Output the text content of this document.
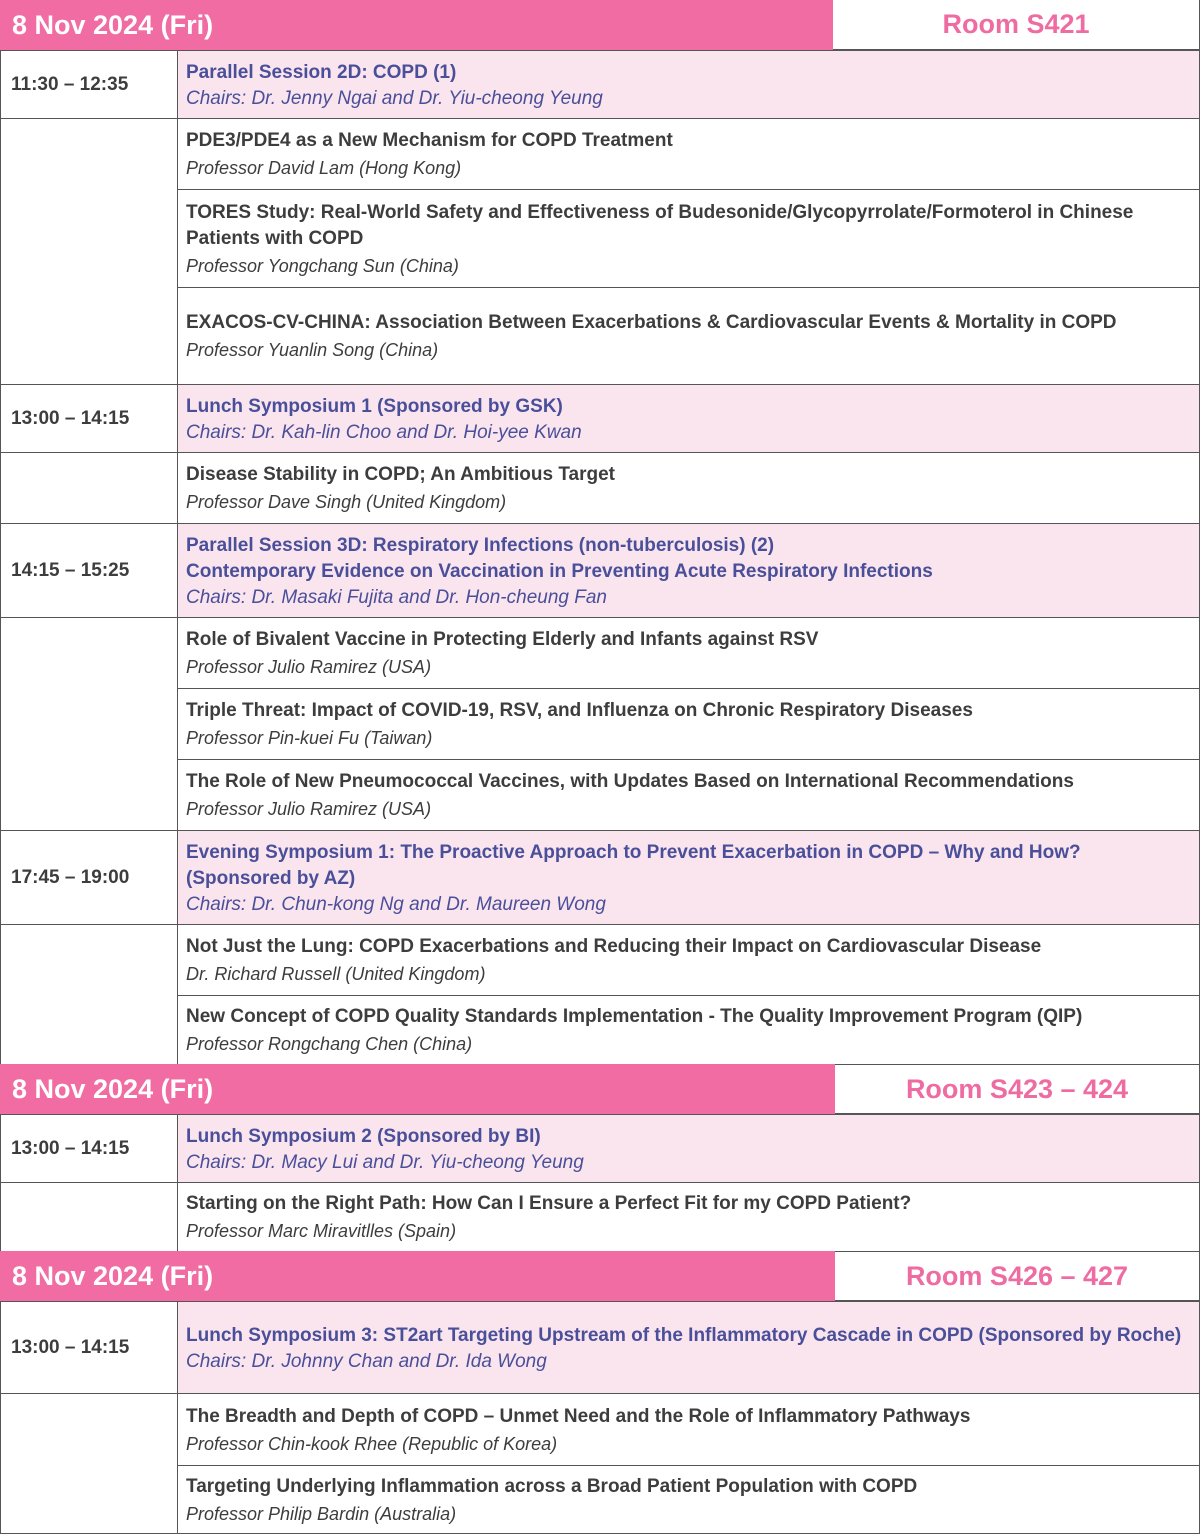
8 Nov 2024 (Fri)	Room S421
11:30 – 12:35	Parallel Session 2D: COPD (1)
Chairs: Dr. Jenny Ngai and Dr. Yiu-cheong Yeung

	PDE3/PDE4 as a New Mechanism for COPD Treatment
Professor David Lam (Hong Kong)

	TORES Study: Real-World Safety and Effectiveness of Budesonide/Glycopyrrolate/Formoterol in Chinese Patients with COPD
Professor Yongchang Sun (China)

	EXACOS-CV-CHINA: Association Between Exacerbations & Cardiovascular Events & Mortality in COPD
Professor Yuanlin Song (China)

13:00 – 14:15	Lunch Symposium 1 (Sponsored by GSK)
Chairs: Dr. Kah-lin Choo and Dr. Hoi-yee Kwan

	Disease Stability in COPD; An Ambitious Target
Professor Dave Singh (United Kingdom)

14:15 – 15:25	Parallel Session 3D: Respiratory Infections (non-tuberculosis) (2)
Contemporary Evidence on Vaccination in Preventing Acute Respiratory Infections
Chairs: Dr. Masaki Fujita and Dr. Hon-cheung Fan

	Role of Bivalent Vaccine in Protecting Elderly and Infants against RSV
Professor Julio Ramirez (USA)

	Triple Threat: Impact of COVID-19, RSV, and Influenza on Chronic Respiratory Diseases
Professor Pin-kuei Fu (Taiwan)

	The Role of New Pneumococcal Vaccines, with Updates Based on International Recommendations
Professor Julio Ramirez (USA)

17:45 – 19:00	Evening Symposium 1: The Proactive Approach to Prevent Exacerbation in COPD – Why and How? (Sponsored by AZ)
Chairs: Dr. Chun-kong Ng and Dr. Maureen Wong

	Not Just the Lung: COPD Exacerbations and Reducing their Impact on Cardiovascular Disease
Dr. Richard Russell (United Kingdom)

	New Concept of COPD Quality Standards Implementation - The Quality Improvement Program (QIP)
Professor Rongchang Chen (China)
8 Nov 2024 (Fri)	Room S423 – 424
13:00 – 14:15	Lunch Symposium 2 (Sponsored by BI)
Chairs: Dr. Macy Lui and Dr. Yiu-cheong Yeung

	Starting on the Right Path: How Can I Ensure a Perfect Fit for my COPD Patient?
Professor Marc Miravitlles (Spain)
8 Nov 2024 (Fri)	Room S426 – 427
13:00 – 14:15	Lunch Symposium 3: ST2art Targeting Upstream of the Inflammatory Cascade in COPD (Sponsored by Roche)
Chairs: Dr. Johnny Chan and Dr. Ida Wong

	The Breadth and Depth of COPD – Unmet Need and the Role of Inflammatory Pathways
Professor Chin-kook Rhee (Republic of Korea)

	Targeting Underlying Inflammation across a Broad Patient Population with COPD
Professor Philip Bardin (Australia)
